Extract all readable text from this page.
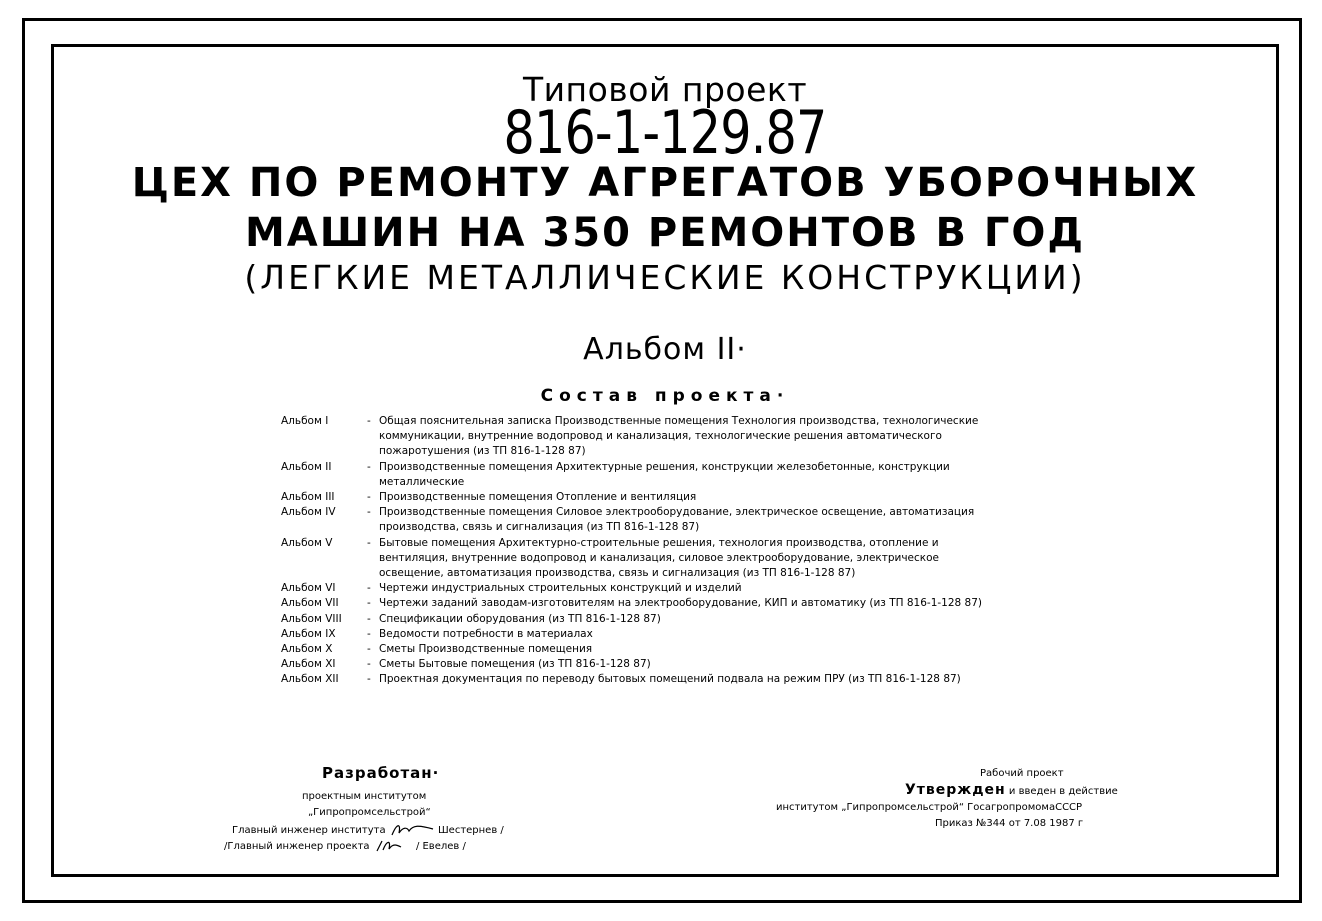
Типовой проект
816-1-129.87
ЦЕХ ПО РЕМОНТУ АГРЕГАТОВ УБОРОЧНЫХ
МАШИН НА 350 РЕМОНТОВ В ГОД
(ЛЕГКИЕ МЕТАЛЛИЧЕСКИЕ КОНСТРУКЦИИ)
Альбом II·
Состав проекта·
Альбом I	- Общая пояснительная записка Производственные помещения Технология производства, технологические
коммуникации, внутренние водопровод и канализация, технологические решения автоматического
пожаротушения (из ТП 816-1-128 87)
Альбом II	- Производственные помещения Архитектурные решения, конструкции железобетонные, конструкции
металлические
Альбом III	- Производственные помещения Отопление и вентиляция
Альбом IV	- Производственные помещения Силовое электрооборудование, электрическое освещение, автоматизация
производства, связь и сигнализация (из ТП 816-1-128 87)
Альбом V	- Бытовые помещения Архитектурно-строительные решения, технология производства, отопление и
вентиляция, внутренние водопровод и канализация, силовое электрооборудование, электрическое
освещение, автоматизация производства, связь и сигнализация (из ТП 816-1-128 87)
Альбом VI	- Чертежи индустриальных строительных конструкций и изделий
Альбом VII	- Чертежи заданий заводам-изготовителям на электрооборудование, КИП и автоматику (из ТП 816-1-128 87)
Альбом VIII	- Спецификации оборудования (из ТП 816-1-128 87)
Альбом IX	- Ведомости потребности в материалах
Альбом X	- Сметы Производственные помещения
Альбом XI	- Сметы Бытовые помещения (из ТП 816-1-128 87)
Альбом XII	- Проектная документация по переводу бытовых помещений подвала на режим ПРУ (из ТП 816-1-128 87)
Разработан·
проектным институтом
„Гипропромсельстрой“
Главный инженер института	Шестернев /
/Главный инженер проекта	/ Евелев /
Рабочий проект
Утвержден и введен в действие
институтом „Гипропромсельстрой“ ГосагропромомаСССР
Приказ №344 от 7.08 1987 г
